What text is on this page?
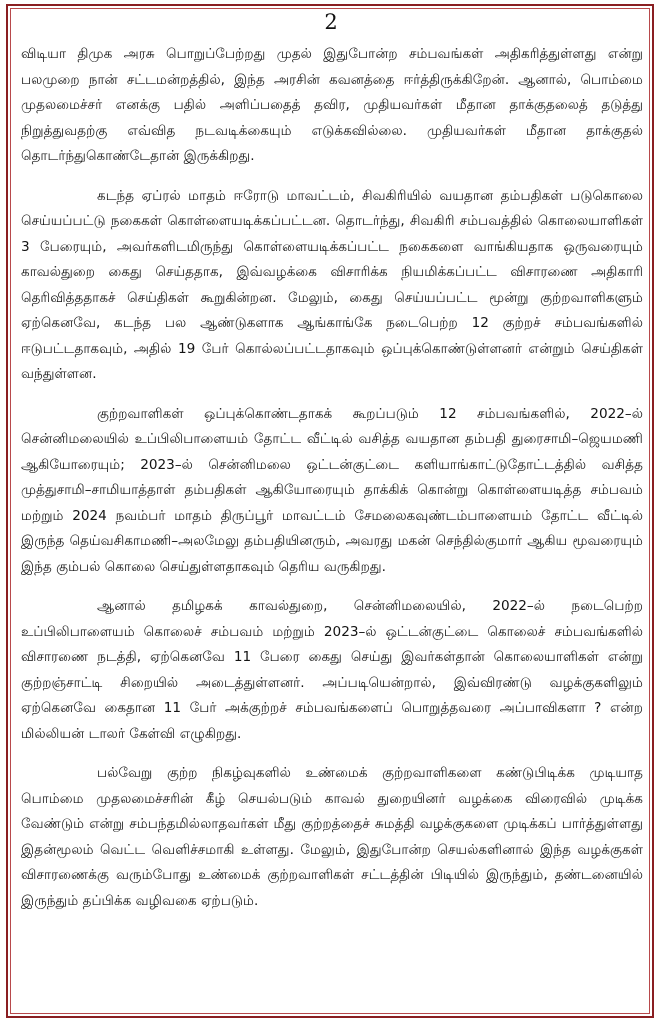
2

விடியா திமுக அரசு பொறுப்பேற்றது முதல் இதுபோன்ற சம்பவங்கள் அதிகரித்துள்ளது என்று பலமுறை நான் சட்டமன்றத்தில், இந்த அரசின் கவனத்தை ஈர்த்திருக்கிறேன். ஆனால், பொம்மை முதலமைச்சர் எனக்கு பதில் அளிப்பதைத் தவிர, முதியவர்கள் மீதான தாக்குதலைத் தடுத்து நிறுத்துவதற்கு எவ்வித நடவடிக்கையும் எடுக்கவில்லை. முதியவர்கள் மீதான தாக்குதல் தொடர்ந்துகொண்டேதான் இருக்கிறது.

கடந்த ஏப்ரல் மாதம் ஈரோடு மாவட்டம், சிவகிரியில் வயதான தம்பதிகள் படுகொலை செய்யப்பட்டு நகைகள் கொள்ளையடிக்கப்பட்டன. தொடர்ந்து, சிவகிரி சம்பவத்தில் கொலையாளிகள் 3 பேரையும், அவர்களிடமிருந்து கொள்ளையடிக்கப்பட்ட நகைகளை வாங்கியதாக ஒருவரையும் காவல்துறை கைது செய்ததாக, இவ்வழக்கை விசாரிக்க நியமிக்கப்பட்ட விசாரணை அதிகாரி தெரிவித்ததாகச் செய்திகள் கூறுகின்றன. மேலும், கைது செய்யப்பட்ட மூன்று குற்றவாளிகளும் ஏற்கெனவே, கடந்த பல ஆண்டுகளாக ஆங்காங்கே நடைபெற்ற 12 குற்றச் சம்பவங்களில் ஈடுபட்டதாகவும், அதில் 19 பேர் கொல்லப்பட்டதாகவும் ஒப்புக்கொண்டுள்ளனர் என்றும் செய்திகள் வந்துள்ளன.

குற்றவாளிகள் ஒப்புக்கொண்டதாகக் கூறப்படும் 12 சம்பவங்களில், 2022–ல் சென்னிமலையில் உப்பிலிபாளையம் தோட்ட வீட்டில் வசித்த வயதான தம்பதி துரைசாமி–ஜெயமணி ஆகியோரையும்; 2023–ல் சென்னிமலை ஒட்டன்குட்டை களியாங்காட்டுதோட்டத்தில் வசித்த முத்துசாமி–சாமியாத்தாள் தம்பதிகள் ஆகியோரையும் தாக்கிக் கொன்று கொள்ளையடித்த சம்பவம் மற்றும் 2024 நவம்பர் மாதம் திருப்பூர் மாவட்டம் சேமலைகவுண்டம்பாளையம் தோட்ட வீட்டில் இருந்த தெய்வசிகாமணி–அலமேலு தம்பதியினரும், அவரது மகன் செந்தில்குமார் ஆகிய மூவரையும் இந்த கும்பல் கொலை செய்துள்ளதாகவும் தெரிய வருகிறது.

ஆனால் தமிழகக் காவல்துறை, சென்னிமலையில், 2022–ல் நடைபெற்ற உப்பிலிபாளையம் கொலைச் சம்பவம் மற்றும் 2023–ல் ஒட்டன்குட்டை கொலைச் சம்பவங்களில் விசாரணை நடத்தி, ஏற்கெனவே 11 பேரை கைது செய்து இவர்கள்தான் கொலையாளிகள் என்று குற்றஞ்சாட்டி சிறையில் அடைத்துள்ளனர். அப்படியென்றால், இவ்விரண்டு வழக்குகளிலும் ஏற்கெனவே கைதான 11 பேர் அக்குற்றச் சம்பவங்களைப் பொறுத்தவரை அப்பாவிகளா ? என்ற மில்லியன் டாலர் கேள்வி எழுகிறது.

பல்வேறு குற்ற நிகழ்வுகளில் உண்மைக் குற்றவாளிகளை கண்டுபிடிக்க முடியாத பொம்மை முதலமைச்சரின் கீழ் செயல்படும் காவல் துறையினர் வழக்கை விரைவில் முடிக்க வேண்டும் என்று சம்பந்தமில்லாதவர்கள் மீது குற்றத்தைச் சுமத்தி வழக்குகளை முடிக்கப் பார்த்துள்ளது இதன்மூலம் வெட்ட வெளிச்சமாகி உள்ளது. மேலும், இதுபோன்ற செயல்களினால் இந்த வழக்குகள் விசாரணைக்கு வரும்போது உண்மைக் குற்றவாளிகள் சட்டத்தின் பிடியில் இருந்தும், தண்டனையில் இருந்தும் தப்பிக்க வழிவகை ஏற்படும்.
